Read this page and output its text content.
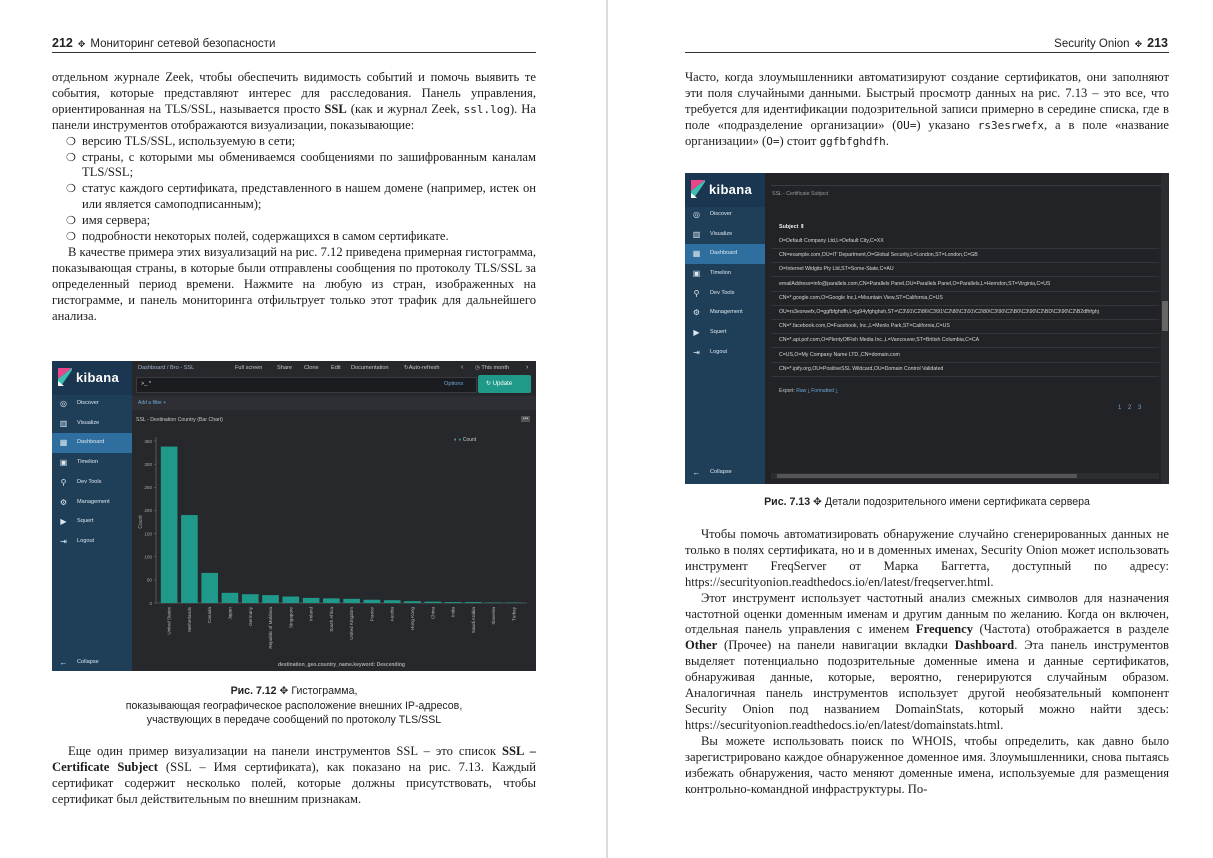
212 ✥ Мониторинг сетевой безопасности

отдельном журнале Zeek, чтобы обеспечить видимость событий и помочь выявить те события, которые представляют интерес для расследования. Панель управления, ориентированная на TLS/SSL, называется просто SSL (как и журнал Zeek, ssl.log). На панели инструментов отображаются визуализации, показывающие:

❍ версию TLS/SSL, используемую в сети;
❍ страны, с которыми мы обмениваемся сообщениями по зашифрованным каналам TLS/SSL;
❍ статус каждого сертификата, представленного в нашем домене (например, истек он или является самоподписанным);
❍ имя сервера;
❍ подробности некоторых полей, содержащихся в самом сертификате.

В качестве примера этих визуализаций на рис. 7.12 приведена примерная гистограмма, показывающая страны, в которые были отправлены сообщения по протоколу TLS/SSL за определенный период времени. Нажмите на любую из стран, изображенных на гистограмме, и панель мониторинга отфильтрует только этот трафик для дальнейшего анализа.

kibana
◎ Discover
▥ Visualize
▦ Dashboard
▣ Timelion
⚲ Dev Tools
⚙ Management
▶ Squert
⇥ Logout
← Collapse
Dashboard / Bro - SSL	Full screen	Share Clone Edit Documentation	↻Auto-refresh	‹ ◷ This month ›
>_ *	Options	↻ Update
Add a filter +
SSL - Destination Country (Bar Chart)	•••
◐ ● Count
0
50
100
150
200
250
300
350
Count
United States	Netherlands	Canada	Japan	Germany	Republic of Moldova	Singapore	Ireland	South Africa	United Kingdom	France	Austria	Hong Kong	China	India	Saudi Arabia	Slovenia	Turkey
destination_geo.country_name.keyword: Descending
Рис. 7.12 ✥ Гистограмма,
показывающая географическое расположение внешних IP-адресов,
участвующих в передаче сообщений по протоколу TLS/SSL

Еще один пример визуализации на панели инструментов SSL – это список SSL – Certificate Subject (SSL – Имя сертификата), как показано на рис. 7.13. Каждый сертификат содержит несколько полей, которые должны присутствовать, чтобы сертификат был действительным по внешним признакам.

Security Onion ✥ 213

Часто, когда злоумышленники автоматизируют создание сертификатов, они заполняют эти поля случайными данными. Быстрый просмотр данных на рис. 7.13 – это все, что требуется для идентификации подозрительной записи примерно в середине списка, где в поле «подразделение организации» (OU=) указано rs3esrwefx, а в поле «название организации» (O=) стоит ggfbfghdfh.

kibana
◎ Discover
▥ Visualize
▦ Dashboard
▣ Timelion
⚲ Dev Tools
⚙ Management
▶ Squert
⇥ Logout
← Collapse
SSL - Certificate Subject
Subject ⇕
O=Default Company Ltd,L=Default City,C=XX
CN=example.com,OU=IT Department,O=Global Security,L=London,ST=London,C=GB
O=Internet Widgits Pty Ltd,ST=Some-State,C=AU
emailAddress=info@parallels.com,CN=Parallels Panel,OU=Parallels Panel,O=Parallels,L=Herndon,ST=Virginia,C=US
CN=*.google.com,O=Google Inc,L=Mountain View,ST=California,C=US
OU=rs3esrwefx,O=ggfbfghdfh,L=jg94yfghghsh,ST=\C3\91\C2\86\C3\91\C2\80\C3\91\C2\80\C3\90\C2\B0\C3\90\C2\BD\C3\90\C2\B2dfhfghj
CN=*.facebook.com,O=Facebook, Inc.,L=Menlo Park,ST=California,C=US
CN=*.api.pof.com,O=PlentyOfFish Media Inc.,L=Vancouver,ST=British Columbia,C=CA
C=US,O=My Company Name LTD.,CN=domain.com
CN=*.ipify.org,OU=PositiveSSL Wildcard,OU=Domain Control Validated
Export: Raw ⤓ Formatted ⤓
1 2 3
Рис. 7.13 ✥ Детали подозрительного имени сертификата сервера

Чтобы помочь автоматизировать обнаружение случайно сгенерированных данных не только в полях сертификата, но и в доменных именах, Security Onion может использовать инструмент FreqServer от Марка Баггетта, доступный по адресу: https://securityonion.readthedocs.io/en/latest/freqserver.html.

Этот инструмент использует частотный анализ смежных символов для назначения частотной оценки доменным именам и другим данным по желанию. Когда он включен, отдельная панель управления с именем Frequency (Частота) отображается в разделе Other (Прочее) на панели навигации вкладки Dashboard. Эта панель инструментов выделяет потенциально подозрительные доменные имена и данные сертификатов, обнаруживая данные, которые, вероятно, генерируются случайным образом. Аналогичная панель инструментов использует другой необязательный компонент Security Onion под названием DomainStats, который можно найти здесь: https://securityonion.readthedocs.io/en/latest/domainstats.html.

Вы можете использовать поиск по WHOIS, чтобы определить, как давно было зарегистрировано каждое обнаруженное доменное имя. Злоумышленники, снова пытаясь избежать обнаружения, часто меняют доменные имена, используемые для размещения контрольно-командной инфраструктуры. По-
